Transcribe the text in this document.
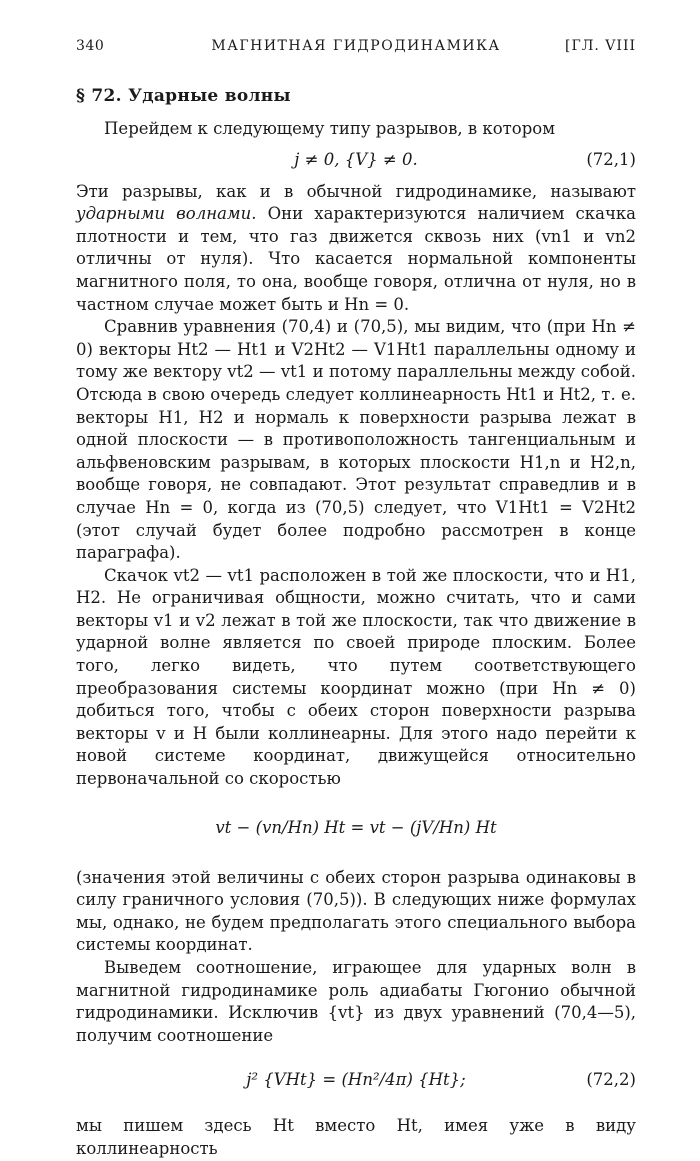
340	МАГНИТНАЯ ГИДРОДИНАМИКА	[ГЛ. VIII
§ 72. Ударные волны

Перейдем к следующему типу разрывов, в котором

j ≠ 0, {V} ≠ 0.	(72,1)

Эти разрывы, как и в обычной гидродинамике, называют ударными волнами. Они характеризуются наличием скачка плотности и тем, что газ движется сквозь них (vn1 и vn2 отличны от нуля). Что касается нормальной компоненты магнитного поля, то она, вообще говоря, отлична от нуля, но в частном случае может быть и Hn = 0.

Сравнив уравнения (70,4) и (70,5), мы видим, что (при Hn ≠ 0) векторы Ht2 — Ht1 и V2Ht2 — V1Ht1 параллельны одному и тому же вектору vt2 — vt1 и потому параллельны между собой. Отсюда в свою очередь следует коллинеарность Ht1 и Ht2, т. е. векторы H1, H2 и нормаль к поверхности разрыва лежат в одной плоскости — в противоположность тангенциальным и альфвеновским разрывам, в которых плоскости H1,n и H2,n, вообще говоря, не совпадают. Этот результат справедлив и в случае Hn = 0, когда из (70,5) следует, что V1Ht1 = V2Ht2 (этот случай будет более подробно рассмотрен в конце параграфа).

Скачок vt2 — vt1 расположен в той же плоскости, что и H1, H2. Не ограничивая общности, можно считать, что и сами векторы v1 и v2 лежат в той же плоскости, так что движение в ударной волне является по своей природе плоским. Более того, легко видеть, что путем соответствующего преобразования системы координат можно (при Hn ≠ 0) добиться того, чтобы с обеих сторон поверхности разрыва векторы v и H были коллинеарны. Для этого надо перейти к новой системе координат, движущейся относительно первоначальной со скоростью

vt − (vn/Hn) Ht = vt − (jV/Hn) Ht

(значения этой величины с обеих сторон разрыва одинаковы в силу граничного условия (70,5)). В следующих ниже формулах мы, однако, не будем предполагать этого специального выбора системы координат.

Выведем соотношение, играющее для ударных волн в магнитной гидродинамике роль адиабаты Гюгонио обычной гидродинамики. Исключив {vt} из двух уравнений (70,4—5), получим соотношение

j² {VHt} = (Hn²/4π) {Ht};	(72,2)

мы пишем здесь Ht вместо Ht, имея уже в виду коллинеарность
